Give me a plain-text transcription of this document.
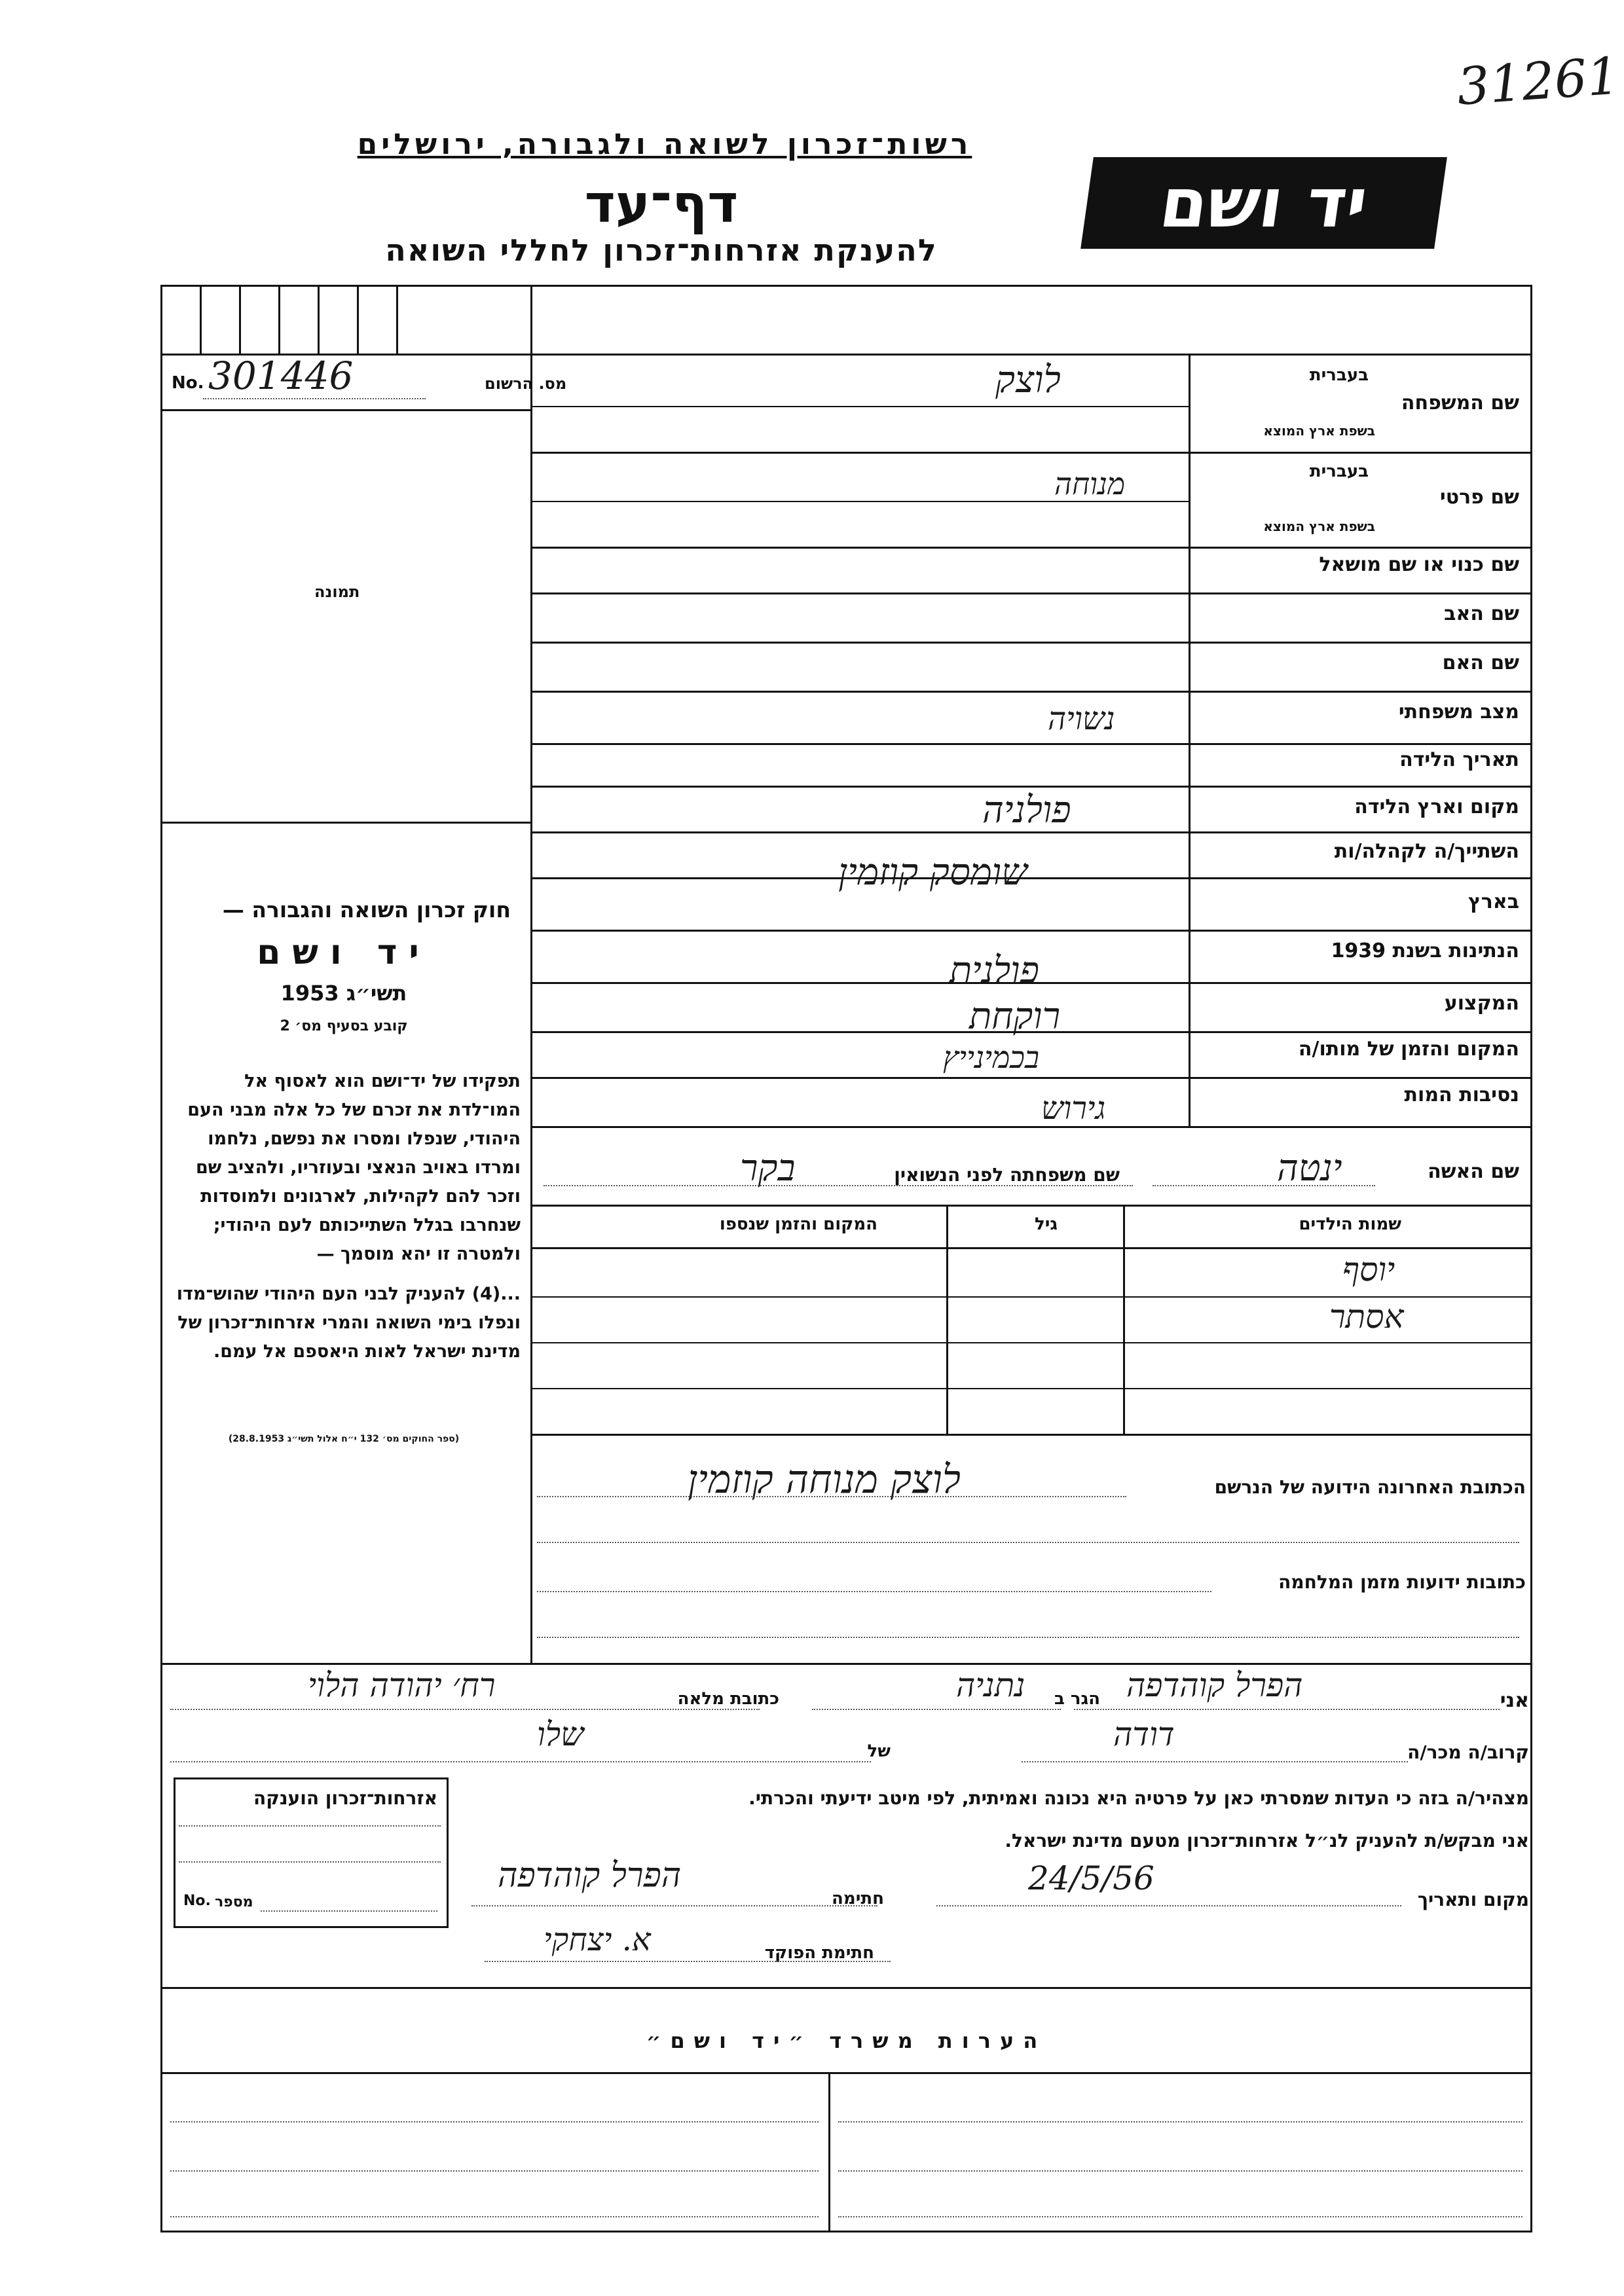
31261
רשות־זכרון לשואה ולגבורה, ירושלים
דף־עד
להענקת אזרחות־זכרון לחללי השואה
יד ושם
מס. הרשום
No. 301446
תמונה
שם המשפחה
בעברית
בשפת ארץ המוצא
לוצק
שם פרטי
בעברית
בשפת ארץ המוצא
מנוחה
שם כנוי או שם מושאל
שם האב
שם האם
מצב משפחתי
נשויה
תאריך הלידה
מקום וארץ הלידה
פולניה
השתייך/ה לקהלה/ות
שומסק קוזמין
בארץ
הנתינות בשנת 1939
פולנית
המקצוע
רוקחת
המקום והזמן של מותו/ה
בכמינייץ
נסיבות המות
גירוש
חוק זכרון השואה והגבורה —
יד ושם
תשי״ג 1953
קובע בסעיף מס׳ 2
תפקידו של יד־ושם הוא לאסוף אל המו־לדת את זכרם של כל אלה מבני העם היהודי, שנפלו ומסרו את נפשם, נלחמו ומרדו באויב הנאצי ובעוזריו, ולהציב שם וזכר להם לקהילות, לארגונים ולמוסדות שנחרבו בגלל השתייכותם לעם היהודי; ולמטרה זו יהא מוסמך —
...(4) להעניק לבני העם היהודי שהוש־מדו ונפלו בימי השואה והמרי אזרחות־זכרון של מדינת ישראל לאות היאספם אל עמם.
(ספר החוקים מס׳ 132 י״ח אלול תשי״ג 28.8.1953)
שם האשה
ינטה
שם משפחתה לפני הנשואין
בקר
שמות הילדים
גיל
המקום והזמן שנספו
יוסף
אסתר
הכתובת האחרונה הידועה של הנרשם
לוצק מנוחה קוזמין
כתובות ידועות מזמן המלחמה
אני
הפרל קוהדפה
הגר ב
נתניה
כתובת מלאה
רח׳ יהודה הלוי
קרוב/ה מכר/ה
דודה
של
שלו
מצהיר/ה בזה כי העדות שמסרתי כאן על פרטיה היא נכונה ואמיתית, לפי מיטב ידיעתי והכרתי.
אני מבקש/ת להעניק לנ״ל אזרחות־זכרון מטעם מדינת ישראל.
מקום ותאריך
24/5/56
חתימה
הפרל קוהדפה
חתימת הפוקד
א. יצחקי
אזרחות־זכרון הוענקה
מספר
No.
הערות משרד ״יד ושם״
